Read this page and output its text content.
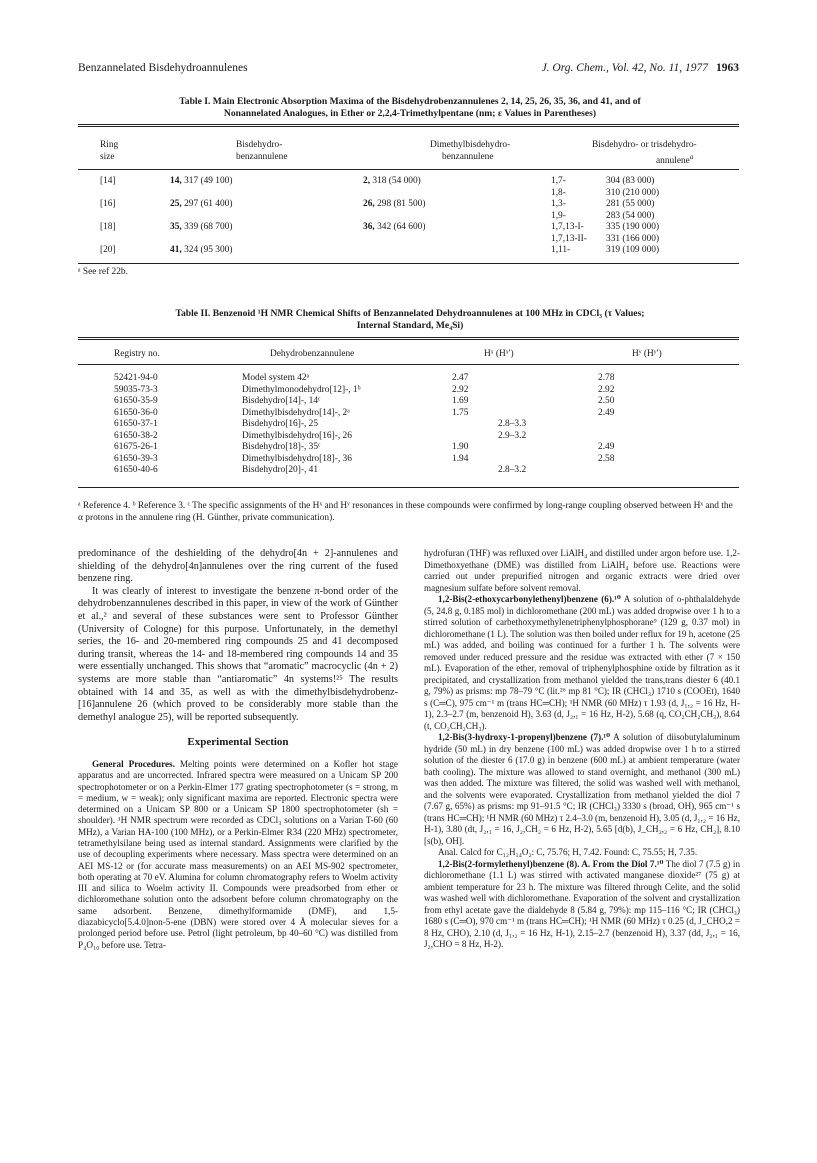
Benzannelated Bisdehydroannulenes	J. Org. Chem., Vol. 42, No. 11, 1977 1963
Table I. Main Electronic Absorption Maxima of the Bisdehydrobenzannulenes 2, 14, 25, 26, 35, 36, and 41, and of
Nonannelated Analogues, in Ether or 2,2,4-Trimethylpentane (nm; ε Values in Parentheses)
Ring
size
Bisdehydro-
benzannulene
Dimethylbisdehydro-
benzannulene
Bisdehydro- or trisdehydro-
annulene$^a$
[14]	14, 317 (49 100)	2, 318 (54 000)	1,7- 304 (83 000)
1,8- 310 (210 000)

[16]	25, 297 (61 400)	26, 298 (81 500)	1,3- 281 (55 000)
1,9- 283 (54 000)

[18]	35, 339 (68 700)	36, 342 (64 600)	1,7,13-I- 335 (190 000)
1,7,13-II- 331 (166 000)

[20]	41, 324 (95 300)		1,11- 319 (109 000)
ᵃ See ref 22b.
Table II. Benzenoid ¹H NMR Chemical Shifts of Benzannelated Dehydroannulenes at 100 MHz in CDCl₃ (τ Values;
Internal Standard, Me₄Si)
Registry no.	Dehydrobenzannulene	Hˣ (Hˣ′)	Hʸ (Hʸ′)
52421-94-0	Model system 42ᵃ	2.47	2.78
59035-73-3	Dimethylmonodehydro[12]-, 1ᵇ	2.92	2.92
61650-35-9	Bisdehydro[14]-, 14ᶜ	1.69	2.50
61650-36-0	Dimethylbisdehydro[14]-, 2ᵃ	1.75	2.49
61650-37-1	Bisdehydro[16]-, 25	2.8–3.3	
61650-38-2	Dimethylbisdehydro[16]-, 26	2.9–3.2	
61675-26-1	Bisdehydro[18]-, 35ᶜ	1.90	2.49
61650-39-3	Dimethylbisdehydro[18]-, 36	1.94	2.58
61650-40-6	Bisdehydro[20]-, 41	2.8–3.2	
ᵃ Reference 4. ᵇ Reference 3. ᶜ The specific assignments of the Hˣ and Hʸ resonances in these compounds were confirmed by long-range coupling observed between Hˣ and the α protons in the annulene ring (H. Günther, private communication).

predominance of the deshielding of the dehydro[4n + 2]-annulenes and shielding of the dehydro[4n]annulenes over the ring current of the fused benzene ring.

It was clearly of interest to investigate the benzene π-bond order of the dehydrobenzannulenes described in this paper, in view of the work of Günther et al.,² and several of these substances were sent to Professor Günther (University of Cologne) for this purpose. Unfortunately, in the demethyl series, the 16- and 20-membered ring compounds 25 and 41 decomposed during transit, whereas the 14- and 18-membered ring compounds 14 and 35 were essentially unchanged. This shows that “aromatic” macrocyclic (4n + 2) systems are more stable than “antiaromatic” 4n systems!²⁵ The results obtained with 14 and 35, as well as with the dimethylbisdehydrobenz-[16]annulene 26 (which proved to be considerably more stable than the demethyl analogue 25), will be reported subsequently.

Experimental Section

General Procedures. Melting points were determined on a Kofler hot stage apparatus and are uncorrected. Infrared spectra were measured on a Unicam SP 200 spectrophotometer or on a Perkin-Elmer 177 grating spectrophotometer (s = strong, m = medium, w = weak); only significant maxima are reported. Electronic spectra were determined on a Unicam SP 800 or a Unicam SP 1800 spectrophotometer (sh = shoulder). ¹H NMR spectrum were recorded as CDCl₃ solutions on a Varian T-60 (60 MHz), a Varian HA-100 (100 MHz), or a Perkin-Elmer R34 (220 MHz) spectrometer, tetramethylsilane being used as internal standard. Assignments were clarified by the use of decoupling experiments where necessary. Mass spectra were determined on an AEI MS-12 or (for accurate mass measurements) on an AEI MS-902 spectrometer, both operating at 70 eV. Alumina for column chromatography refers to Woelm activity III and silica to Woelm activity II. Compounds were preadsorbed from ether or dichloromethane solution onto the adsorbent before column chromatography on the same adsorbent. Benzene, dimethylformamide (DMF), and 1,5-diazabicyclo[5.4.0]non-5-ene (DBN) were stored over 4 Å molecular sieves for a prolonged period before use. Petrol (light petroleum, bp 40–60 °C) was distilled from P₄O₁₀ before use. Tetra-

hydrofuran (THF) was refluxed over LiAlH₄ and distilled under argon before use. 1,2-Dimethoxyethane (DME) was distilled from LiAlH₄ before use. Reactions were carried out under prepurified nitrogen and organic extracts were dried over magnesium sulfate before solvent removal.

1,2-Bis(2-ethoxycarbonylethenyl)benzene (6).¹⁰ A solution of o-phthalaldehyde (5, 24.8 g, 0.185 mol) in dichloromethane (200 mL) was added dropwise over 1 h to a stirred solution of carbethoxymethylenetriphenylphosphorane⁹ (129 g, 0.37 mol) in dichloromethane (1 L). The solution was then boiled under reflux for 19 h, acetone (25 mL) was added, and boiling was continued for a further 1 h. The solvents were removed under reduced pressure and the residue was extracted with ether (7 × 150 mL). Evaporation of the ether, removal of triphenylphosphine oxide by filtration as it precipitated, and crystallization from methanol yielded the trans,trans diester 6 (40.1 g, 79%) as prisms: mp 78–79 °C (lit.²⁶ mp 81 °C); IR (CHCl₃) 1710 s (COOEt), 1640 s (C═C), 975 cm⁻¹ m (trans HC═CH); ¹H NMR (60 MHz) τ 1.93 (d, J₁,₂ = 16 Hz, H-1), 2.3–2.7 (m, benzenoid H), 3.63 (d, J₂,₁ = 16 Hz, H-2), 5.68 (q, CO₂CH₂CH₃), 8.64 (t, CO₂CH₂CH₃).

1,2-Bis(3-hydroxy-1-propenyl)benzene (7).¹⁰ A solution of diisobutylaluminum hydride (50 mL) in dry benzene (100 mL) was added dropwise over 1 h to a stirred solution of the diester 6 (17.0 g) in benzene (600 mL) at ambient temperature (water bath cooling). The mixture was allowed to stand overnight, and methanol (300 mL) was then added. The mixture was filtered, the solid was washed well with methanol, and the solvents were evaporated. Crystallization from methanol yielded the diol 7 (7.67 g, 65%) as prisms: mp 91–91.5 °C; IR (CHCl₃) 3330 s (broad, OH), 965 cm⁻¹ s (trans HC═CH); ¹H NMR (60 MHz) τ 2.4–3.0 (m, benzenoid H), 3.05 (d, J₁,₂ = 16 Hz, H-1), 3.80 (dt, J₂,₁ = 16, J₂,CH₂ = 6 Hz, H-2), 5.65 [d(b), J_CH₂,₂ = 6 Hz, CH₂], 8.10 [s(b), OH].

Anal. Calcd for C₁₂H₁₄O₂: C, 75.76; H, 7.42. Found: C, 75.55; H, 7.35.

1,2-Bis(2-formylethenyl)benzene (8). A. From the Diol 7.¹⁰ The diol 7 (7.5 g) in dichloromethane (1.1 L) was stirred with activated manganese dioxide²⁷ (75 g) at ambient temperature for 23 h. The mixture was filtered through Celite, and the solid was washed well with dichloromethane. Evaporation of the solvent and crystallization from ethyl acetate gave the dialdehyde 8 (5.84 g, 79%): mp 115–116 °C; IR (CHCl₃) 1680 s (C═O), 970 cm⁻¹ m (trans HC═CH); ¹H NMR (60 MHz) τ 0.25 (d, J_CHO,2 = 8 Hz, CHO), 2.10 (d, J₁,₂ = 16 Hz, H-1), 2.15–2.7 (benzenoid H), 3.37 (dd, J₂,₁ = 16, J₂,CHO = 8 Hz, H-2).
